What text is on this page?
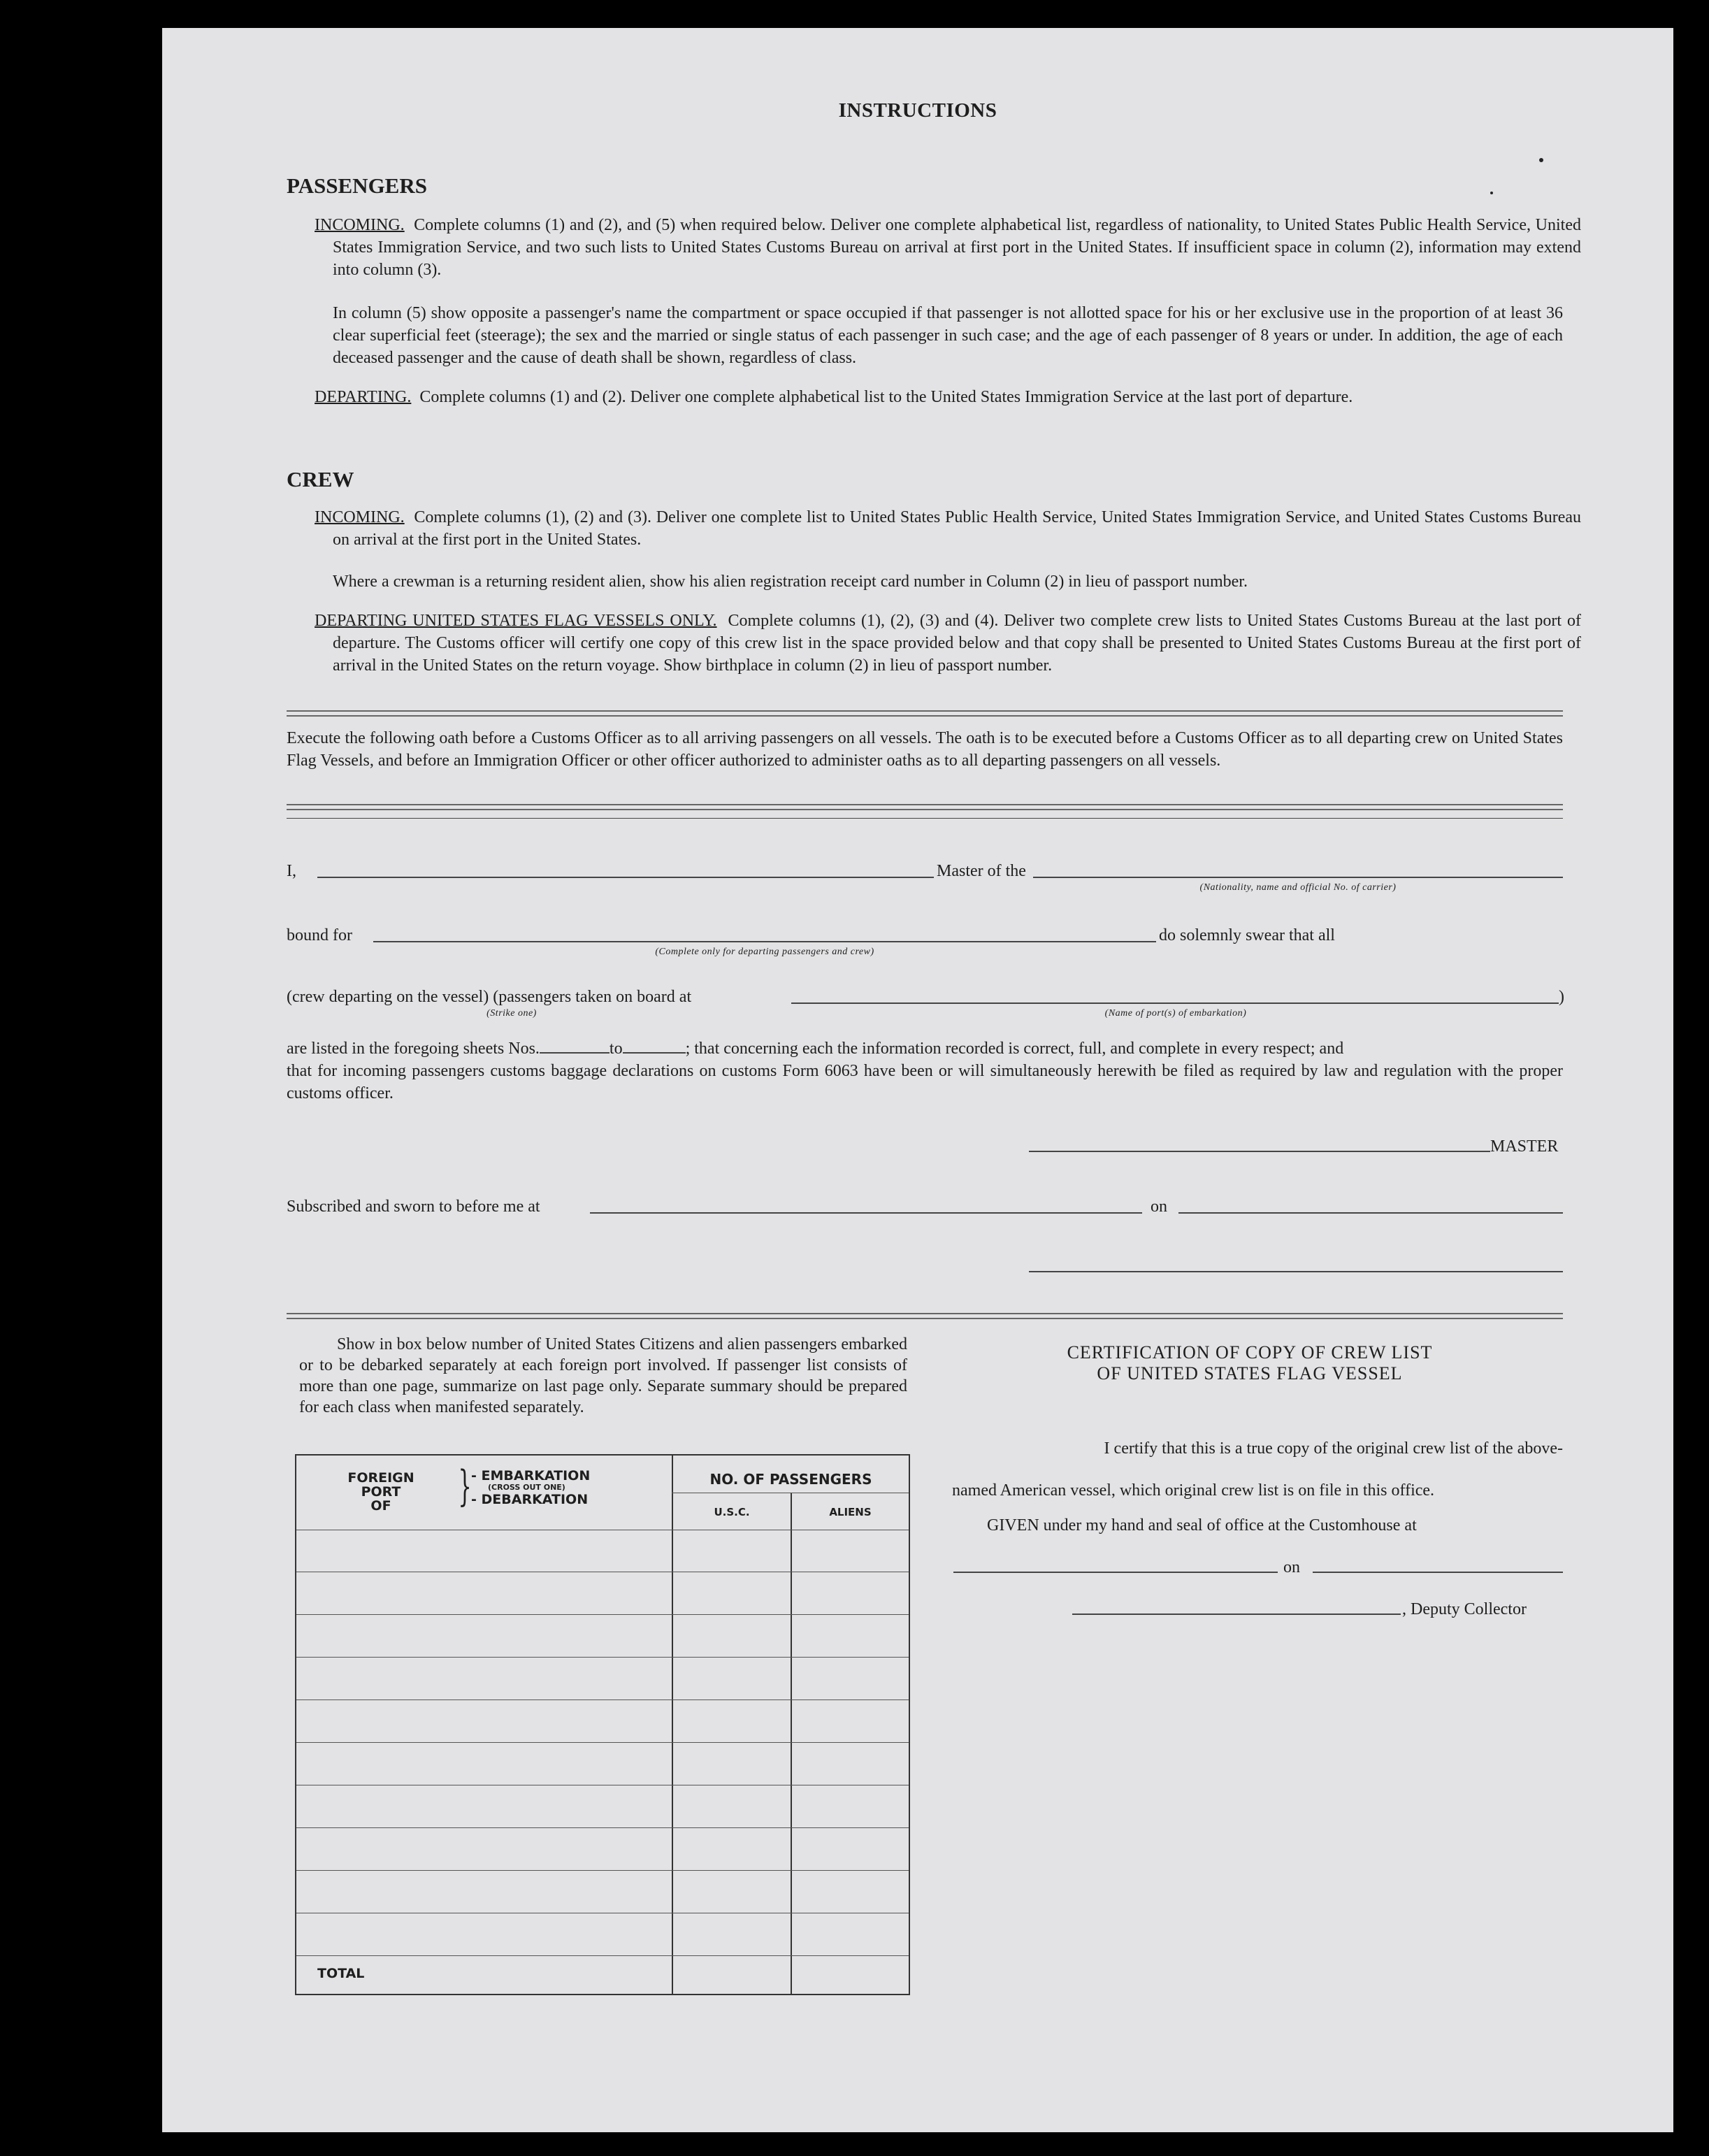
INSTRUCTIONS
PASSENGERS
INCOMING. Complete columns (1) and (2), and (5) when required below. Deliver one complete alphabetical list, regardless of nationality, to United States Public Health Service, United States Immigration Service, and two such lists to United States Customs Bureau on arrival at first port in the United States. If insufficient space in column (2), information may extend into column (3).
In column (5) show opposite a passenger's name the compartment or space occupied if that passenger is not allotted space for his or her exclusive use in the proportion of at least 36 clear superficial feet (steerage); the sex and the married or single status of each passenger in such case; and the age of each passenger of 8 years or under. In addition, the age of each deceased passenger and the cause of death shall be shown, regardless of class.
DEPARTING. Complete columns (1) and (2). Deliver one complete alphabetical list to the United States Immigration Service at the last port of departure.
CREW
INCOMING. Complete columns (1), (2) and (3). Deliver one complete list to United States Public Health Service, United States Immigration Service, and United States Customs Bureau on arrival at the first port in the United States.
Where a crewman is a returning resident alien, show his alien registration receipt card number in Column (2) in lieu of passport number.
DEPARTING UNITED STATES FLAG VESSELS ONLY. Complete columns (1), (2), (3) and (4). Deliver two complete crew lists to United States Customs Bureau at the last port of departure. The Customs officer will certify one copy of this crew list in the space provided below and that copy shall be presented to United States Customs Bureau at the first port of arrival in the United States on the return voyage. Show birthplace in column (2) in lieu of passport number.
Execute the following oath before a Customs Officer as to all arriving passengers on all vessels. The oath is to be executed before a Customs Officer as to all departing crew on United States Flag Vessels, and before an Immigration Officer or other officer authorized to administer oaths as to all departing passengers on all vessels.
I,	Master of the
(Nationality, name and official No. of carrier)
bound for
(Complete only for departing passengers and crew)
do solemnly swear that all
(crew departing on the vessel) (passengers taken on board at	)
(Strike one)	(Name of port(s) of embarkation)
are listed in the foregoing sheets Nos.	to	; that concerning each the information recorded is correct, full, and complete in every respect; and
that for incoming passengers customs baggage declarations on customs Form 6063 have been or will simultaneously herewith be filed as required by law and regulation with the proper customs officer.
MASTER
Subscribed and sworn to before me at	on
Show in box below number of United States Citizens and alien passengers embarked or to be debarked separately at each foreign port involved. If passenger list consists of more than one page, summarize on last page only. Separate summary should be prepared for each class when manifested separately.
FOREIGN
PORT
OF	} - EMBARKATION
(CROSS OUT ONE)
- DEBARKATION
NO. OF PASSENGERS
U.S.C.	ALIENS
TOTAL
CERTIFICATION OF COPY OF CREW LIST
OF UNITED STATES FLAG VESSEL
I certify that this is a true copy of the original crew list of the above-
named American vessel, which original crew list is on file in this office.
GIVEN under my hand and seal of office at the Customhouse at
on
, Deputy Collector
